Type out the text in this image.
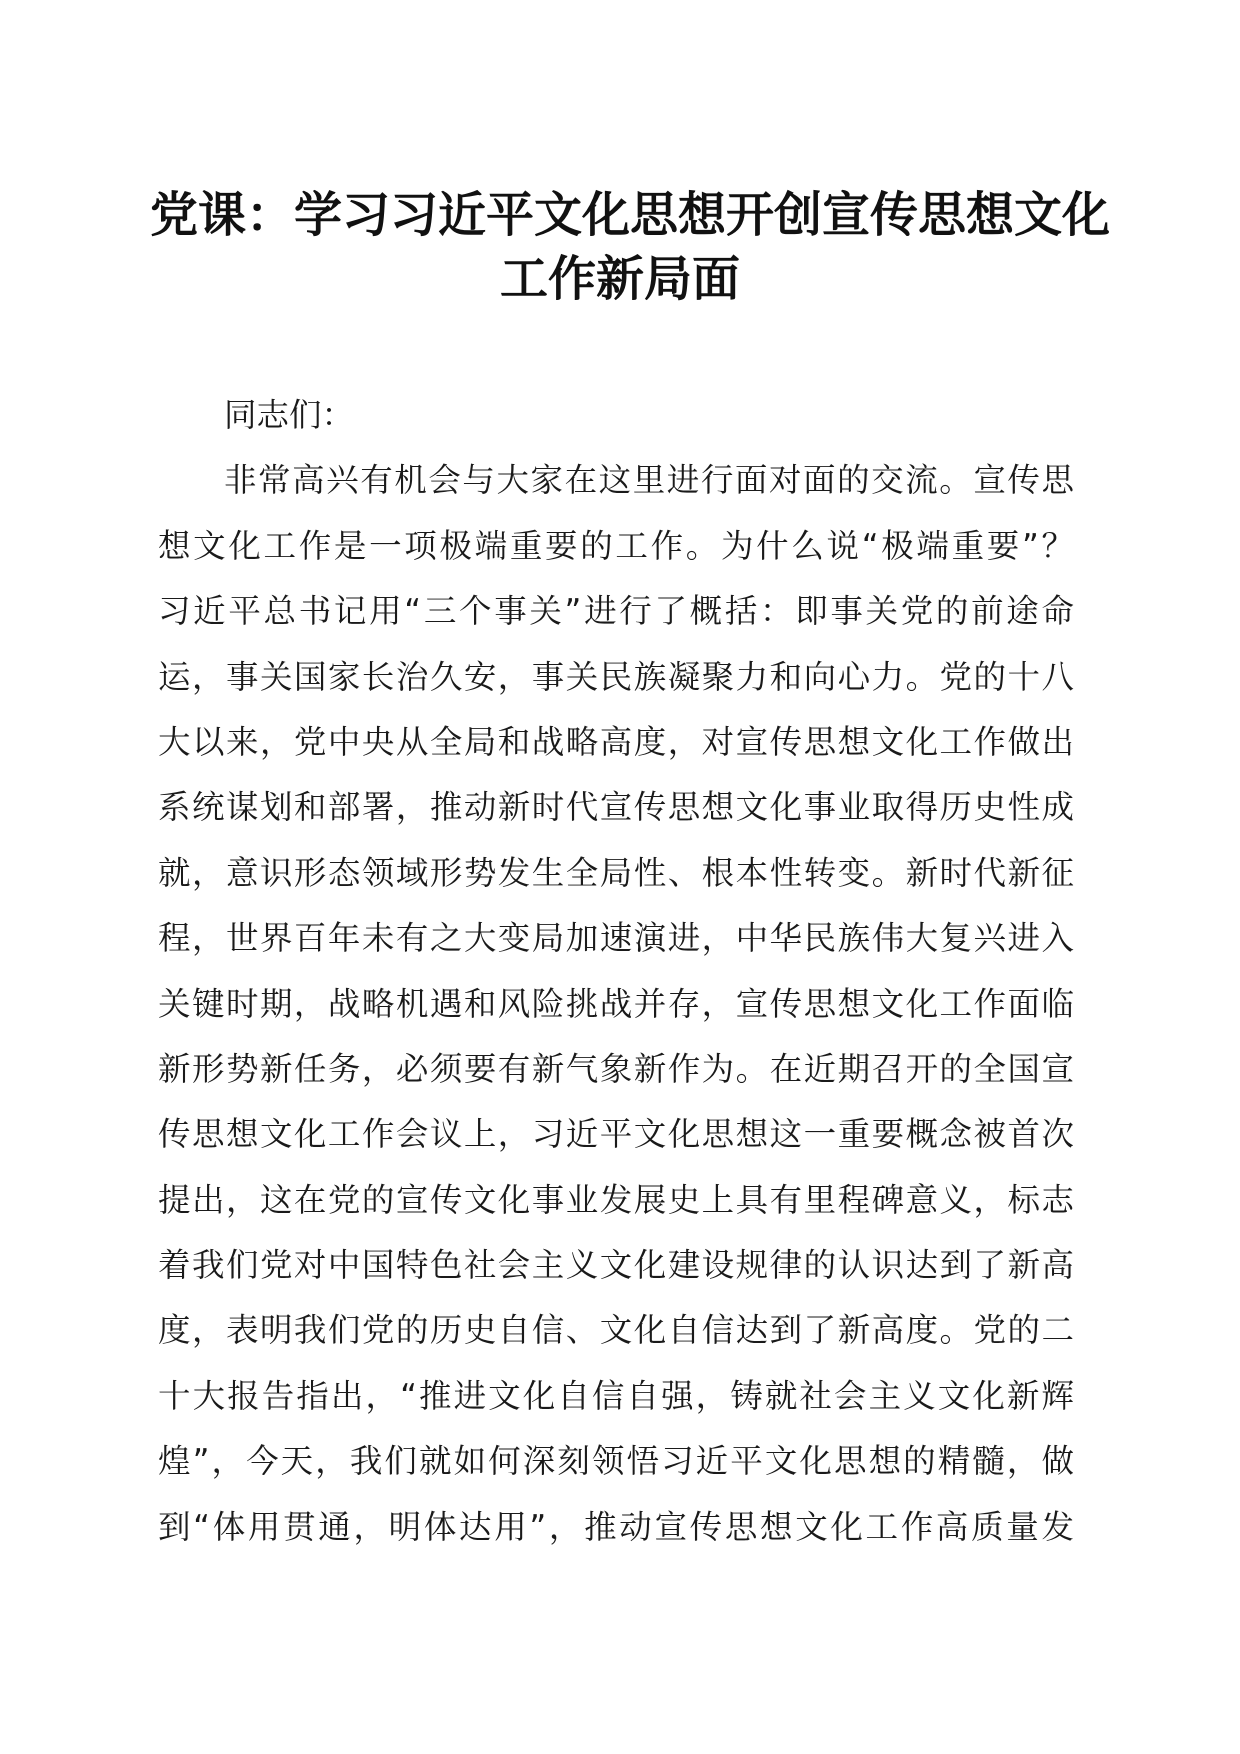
党课：学习习近平文化思想开创宣传思想文化
工作新局面
同志们：
非常高兴有机会与大家在这里进行面对面的交流。宣传思
想文化工作是一项极端重要的工作。为什么说“极端重要”？
习近平总书记用“三个事关”进行了概括：即事关党的前途命
运，事关国家长治久安，事关民族凝聚力和向心力。党的十八
大以来，党中央从全局和战略高度，对宣传思想文化工作做出
系统谋划和部署，推动新时代宣传思想文化事业取得历史性成
就，意识形态领域形势发生全局性、根本性转变。新时代新征
程，世界百年未有之大变局加速演进，中华民族伟大复兴进入
关键时期，战略机遇和风险挑战并存，宣传思想文化工作面临
新形势新任务，必须要有新气象新作为。在近期召开的全国宣
传思想文化工作会议上，习近平文化思想这一重要概念被首次
提出，这在党的宣传文化事业发展史上具有里程碑意义，标志
着我们党对中国特色社会主义文化建设规律的认识达到了新高
度，表明我们党的历史自信、文化自信达到了新高度。党的二
十大报告指出，“推进文化自信自强，铸就社会主义文化新辉
煌”，今天，我们就如何深刻领悟习近平文化思想的精髓，做
到“体用贯通，明体达用”，推动宣传思想文化工作高质量发
